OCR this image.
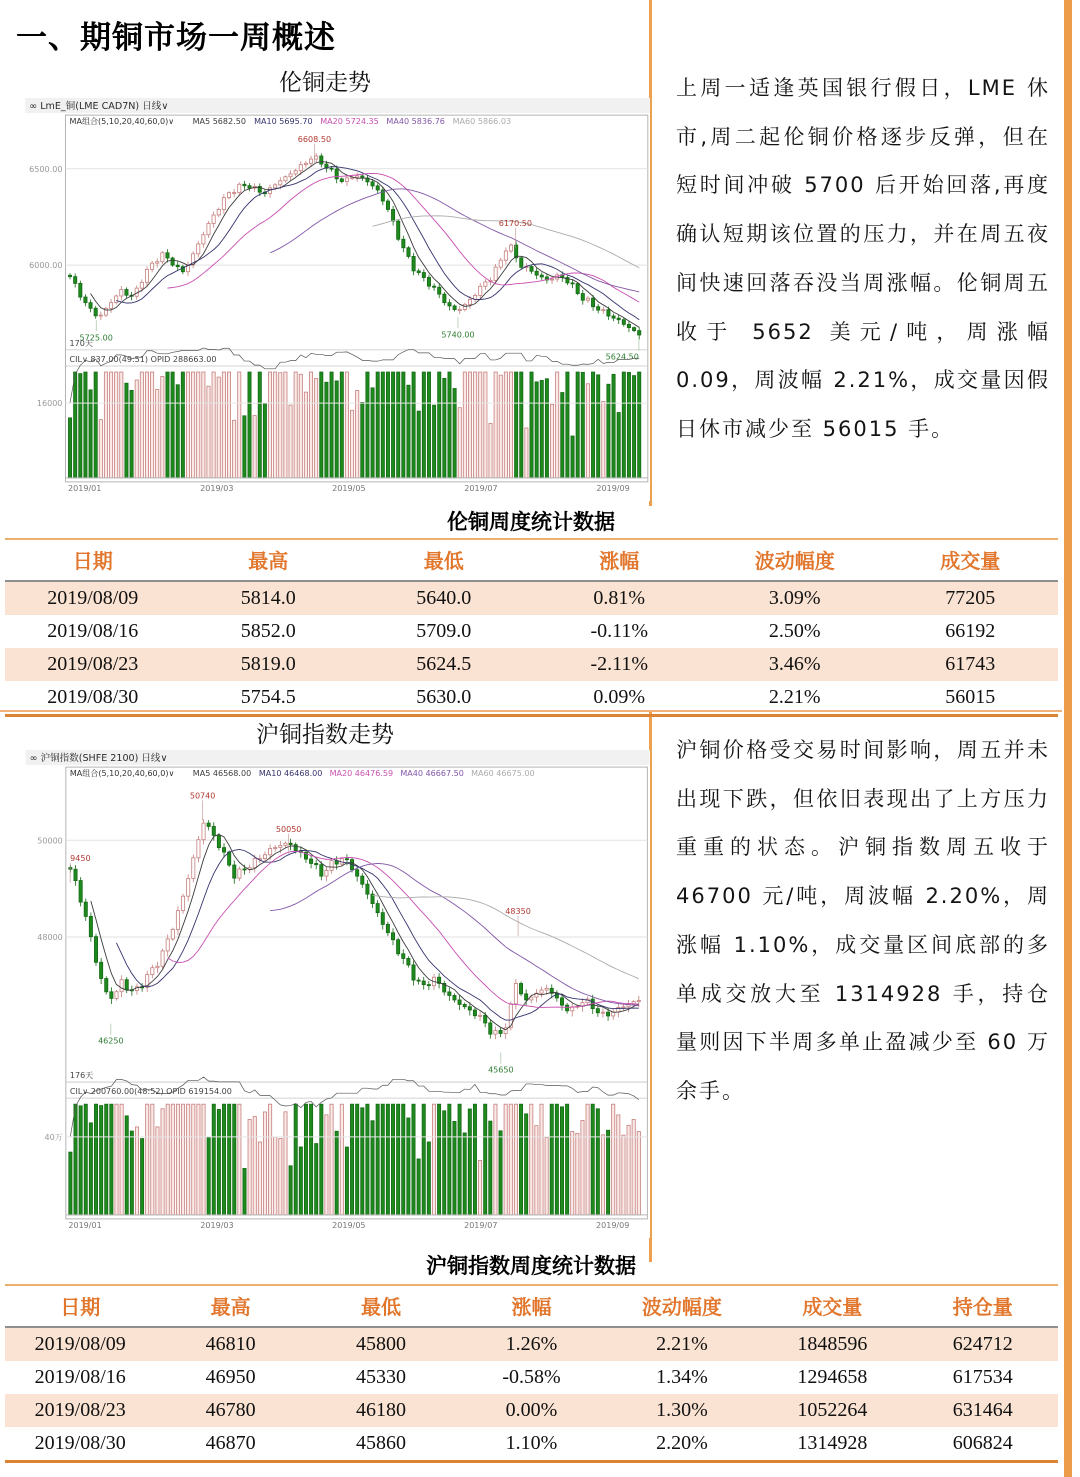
一、期铜市场一周概述
伦铜走势
∞ LmE_铜(LME CAD7N) 日线∨
MA组合(5,10,20,40,60,0)∨ MA5 5682.50 MA10 5695.70 MA20 5724.35 MA40 5836.76 MA60 5866.03
6500.00
6000.00
16000
6608.50
6170.50
5725.00	5740.00
5624.50
170天
CIL∨ 837.00(49:51) OPID 288663.00
2019/01	2019/03	2019/05	2019/07	2019/09

上周一适逢英国银行假日，LME 休市,周二起伦铜价格逐步反弹，但在短时间冲破 5700 后开始回落,再度确认短期该位置的压力，并在周五夜间快速回落吞没当周涨幅。伦铜周五收于 5652 美元/吨，周涨幅 0.09，周波幅 2.21%，成交量因假日休市减少至 56015 手。

伦铜周度统计数据
日期	最高	最低	涨幅	波动幅度	成交量
2019/08/09	5814.0	5640.0	0.81%	3.09%	77205
2019/08/16	5852.0	5709.0	-0.11%	2.50%	66192
2019/08/23	5819.0	5624.5	-2.11%	3.46%	61743
2019/08/30	5754.5	5630.0	0.09%	2.21%	56015
沪铜指数走势
∞ 沪铜指数(SHFE 2100) 日线∨
MA组合(5,10,20,40,60,0)∨ MA5 46568.00 MA10 46468.00 MA20 46476.59 MA40 46667.50 MA60 46675.00
50000
48000
40万
9450
50740
50050
48350
46250
45650
176天
CIL∨ 200760.00(48:52) OPID 619154.00
2019/01	2019/03	2019/05	2019/07	2019/09

沪铜价格受交易时间影响，周五并未出现下跌，但依旧表现出了上方压力重重的状态。沪铜指数周五收于 46700 元/吨，周波幅 2.20%，周涨幅 1.10%，成交量区间底部的多单成交放大至 1314928 手，持仓量则因下半周多单止盈减少至 60 万余手。

沪铜指数周度统计数据
日期	最高	最低	涨幅	波动幅度	成交量	持仓量
2019/08/09	46810	45800	1.26%	2.21%	1848596	624712
2019/08/16	46950	45330	-0.58%	1.34%	1294658	617534
2019/08/23	46780	46180	0.00%	1.30%	1052264	631464
2019/08/30	46870	45860	1.10%	2.20%	1314928	606824
